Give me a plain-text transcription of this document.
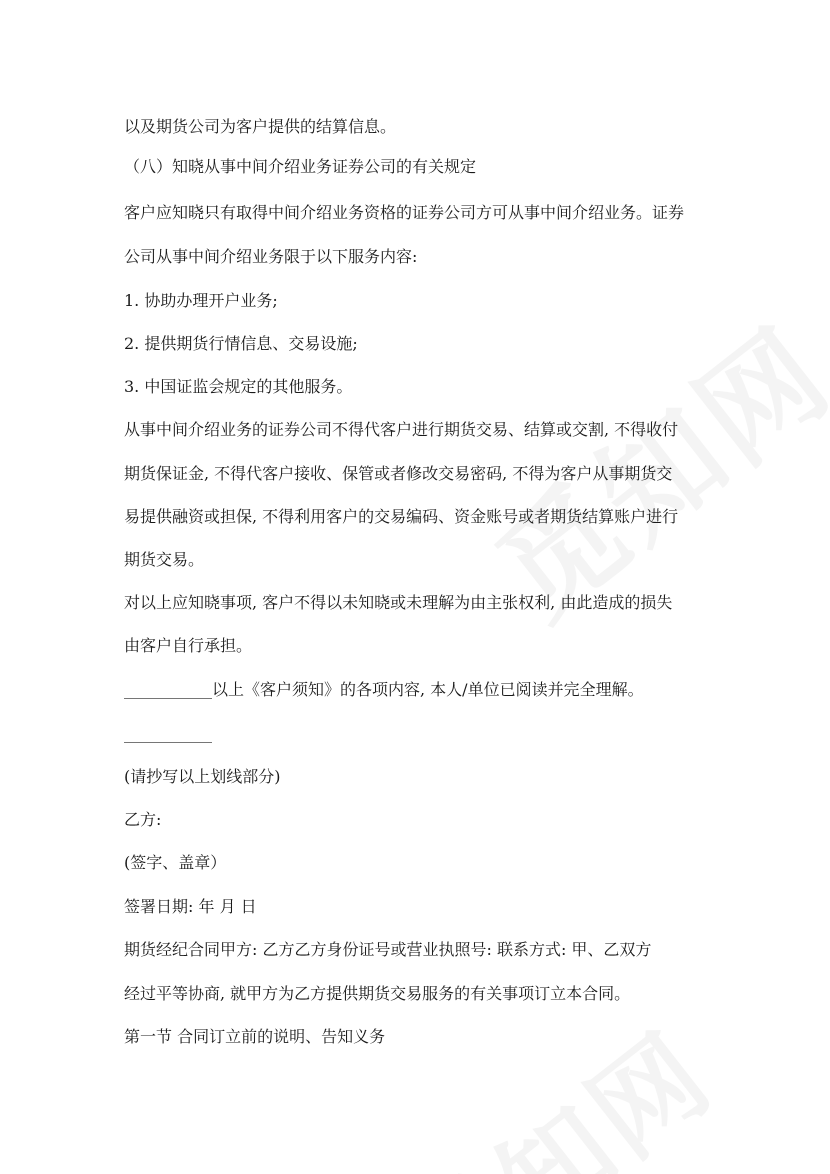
以及期货公司为客户提供的结算信息。
（八）知晓从事中间介绍业务证券公司的有关规定
客户应知晓只有取得中间介绍业务资格的证券公司方可从事中间介绍业务。证券
公司从事中间介绍业务限于以下服务内容:
1. 协助办理开户业务;
2. 提供期货行情信息、交易设施;
3. 中国证监会规定的其他服务。
从事中间介绍业务的证券公司不得代客户进行期货交易、结算或交割, 不得收付
期货保证金, 不得代客户接收、保管或者修改交易密码, 不得为客户从事期货交
易提供融资或担保, 不得利用客户的交易编码、资金账号或者期货结算账户进行
期货交易。
对以上应知晓事项, 客户不得以未知晓或未理解为由主张权利, 由此造成的损失
由客户自行承担。
___________以上《客户须知》的各项内容, 本人/单位已阅读并完全理解。
___________
(请抄写以上划线部分)
乙方:
(签字、盖章）
签署日期: 年 月 日
期货经纪合同甲方: 乙方乙方身份证号或营业执照号: 联系方式: 甲、乙双方
经过平等协商, 就甲方为乙方提供期货交易服务的有关事项订立本合同。
第一节 合同订立前的说明、告知义务
